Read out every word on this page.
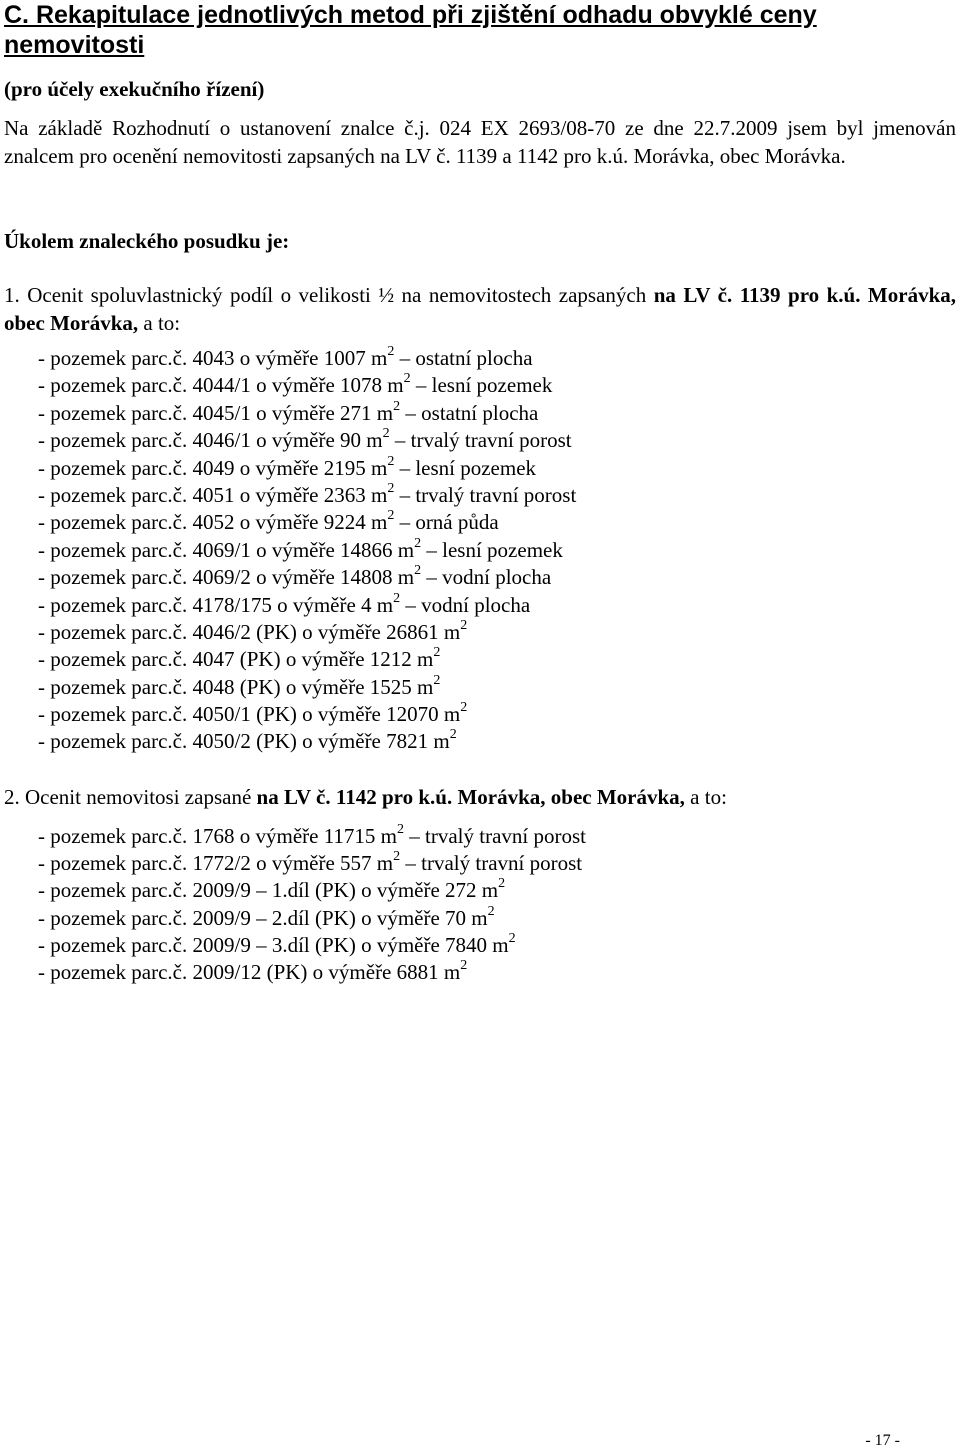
C. Rekapitulace jednotlivých metod při zjištění odhadu obvyklé ceny nemovitosti
(pro účely exekučního řízení)
Na základě Rozhodnutí o ustanovení znalce č.j. 024 EX 2693/08-70 ze dne 22.7.2009 jsem byl jmenován znalcem pro ocenění nemovitosti zapsaných na LV č. 1139 a 1142 pro k.ú. Morávka, obec Morávka.
Úkolem znaleckého posudku je:
1. Ocenit spoluvlastnický podíl o velikosti ½ na nemovitostech zapsaných na LV č. 1139 pro k.ú. Morávka, obec Morávka, a to:
- pozemek parc.č. 4043 o výměře 1007 $m^2$ – ostatní plocha
- pozemek parc.č. 4044/1 o výměře 1078 $m^2$ – lesní pozemek
- pozemek parc.č. 4045/1 o výměře 271 $m^2$ – ostatní plocha
- pozemek parc.č. 4046/1 o výměře 90 $m^2$ – trvalý travní porost
- pozemek parc.č. 4049 o výměře 2195 $m^2$ – lesní pozemek
- pozemek parc.č. 4051 o výměře 2363 $m^2$ – trvalý travní porost
- pozemek parc.č. 4052 o výměře 9224 $m^2$ – orná půda
- pozemek parc.č. 4069/1 o výměře 14866 $m^2$ – lesní pozemek
- pozemek parc.č. 4069/2 o výměře 14808 $m^2$ – vodní plocha
- pozemek parc.č. 4178/175 o výměře 4 $m^2$ – vodní plocha
- pozemek parc.č. 4046/2 (PK) o výměře 26861 $m^2$
- pozemek parc.č. 4047 (PK) o výměře 1212 $m^2$
- pozemek parc.č. 4048 (PK) o výměře 1525 $m^2$
- pozemek parc.č. 4050/1 (PK) o výměře 12070 $m^2$
- pozemek parc.č. 4050/2 (PK) o výměře 7821 $m^2$
2. Ocenit nemovitosi zapsané na LV č. 1142 pro k.ú. Morávka, obec Morávka, a to:
- pozemek parc.č. 1768 o výměře 11715 $m^2$ – trvalý travní porost
- pozemek parc.č. 1772/2 o výměře 557 $m^2$ – trvalý travní porost
- pozemek parc.č. 2009/9 – 1.díl (PK) o výměře 272 $m^2$
- pozemek parc.č. 2009/9 – 2.díl (PK) o výměře 70 $m^2$
- pozemek parc.č. 2009/9 – 3.díl (PK) o výměře 7840 $m^2$
- pozemek parc.č. 2009/12 (PK) o výměře 6881 $m^2$
- 17 -
